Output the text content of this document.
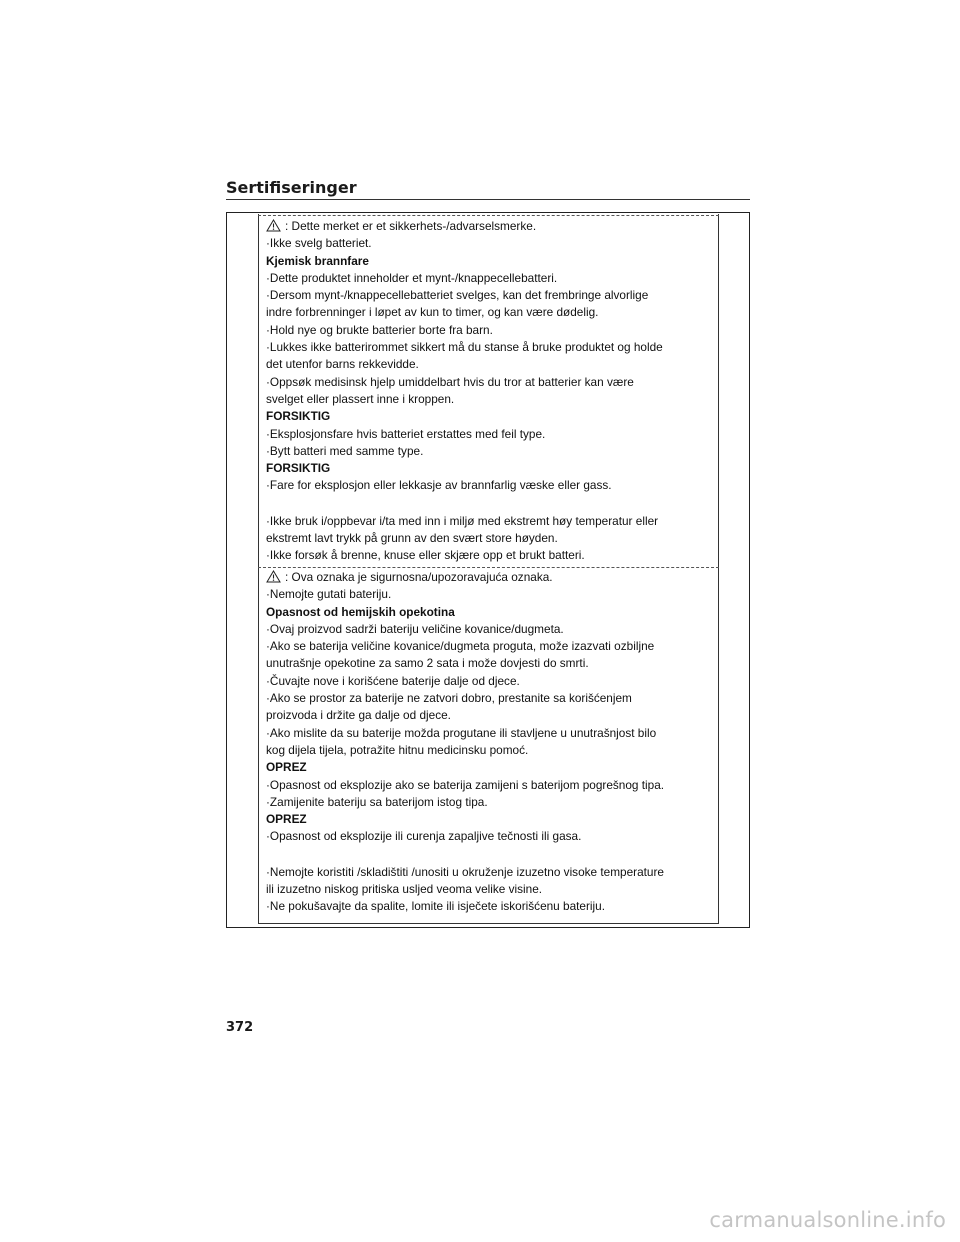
Sertifiseringer
: Dette merket er et sikkerhets-/advarselsmerke.
·Ikke svelg batteriet.
Kjemisk brannfare
·Dette produktet inneholder et mynt-/knappecellebatteri.
·Dersom mynt-/knappecellebatteriet svelges, kan det frembringe alvorlige
indre forbrenninger i løpet av kun to timer, og kan være dødelig.
·Hold nye og brukte batterier borte fra barn.
·Lukkes ikke batterirommet sikkert må du stanse å bruke produktet og holde
det utenfor barns rekkevidde.
·Oppsøk medisinsk hjelp umiddelbart hvis du tror at batterier kan være
svelget eller plassert inne i kroppen.
FORSIKTIG
·Eksplosjonsfare hvis batteriet erstattes med feil type.
·Bytt batteri med samme type.
FORSIKTIG
·Fare for eksplosjon eller lekkasje av brannfarlig væske eller gass.
·Ikke bruk i/oppbevar i/ta med inn i miljø med ekstremt høy temperatur eller
ekstremt lavt trykk på grunn av den svært store høyden.
·Ikke forsøk å brenne, knuse eller skjære opp et brukt batteri.
: Ova oznaka je sigurnosna/upozoravajuća oznaka.
·Nemojte gutati bateriju.
Opasnost od hemijskih opekotina
·Ovaj proizvod sadrži bateriju veličine kovanice/dugmeta.
·Ako se baterija veličine kovanice/dugmeta proguta, može izazvati ozbiljne
unutrašnje opekotine za samo 2 sata i može dovjesti do smrti.
·Čuvajte nove i korišćene baterije dalje od djece.
·Ako se prostor za baterije ne zatvori dobro, prestanite sa korišćenjem
proizvoda i držite ga dalje od djece.
·Ako mislite da su baterije možda progutane ili stavljene u unutrašnjost bilo
kog dijela tijela, potražite hitnu medicinsku pomoć.
OPREZ
·Opasnost od eksplozije ako se baterija zamijeni s baterijom pogrešnog tipa.
·Zamijenite bateriju sa baterijom istog tipa.
OPREZ
·Opasnost od eksplozije ili curenja zapaljive tečnosti ili gasa.
·Nemojte koristiti /skladištiti /unositi u okruženje izuzetno visoke temperature
ili izuzetno niskog pritiska usljed veoma velike visine.
·Ne pokušavajte da spalite, lomite ili isječete iskorišćenu bateriju.
372
carmanualsonline.info
